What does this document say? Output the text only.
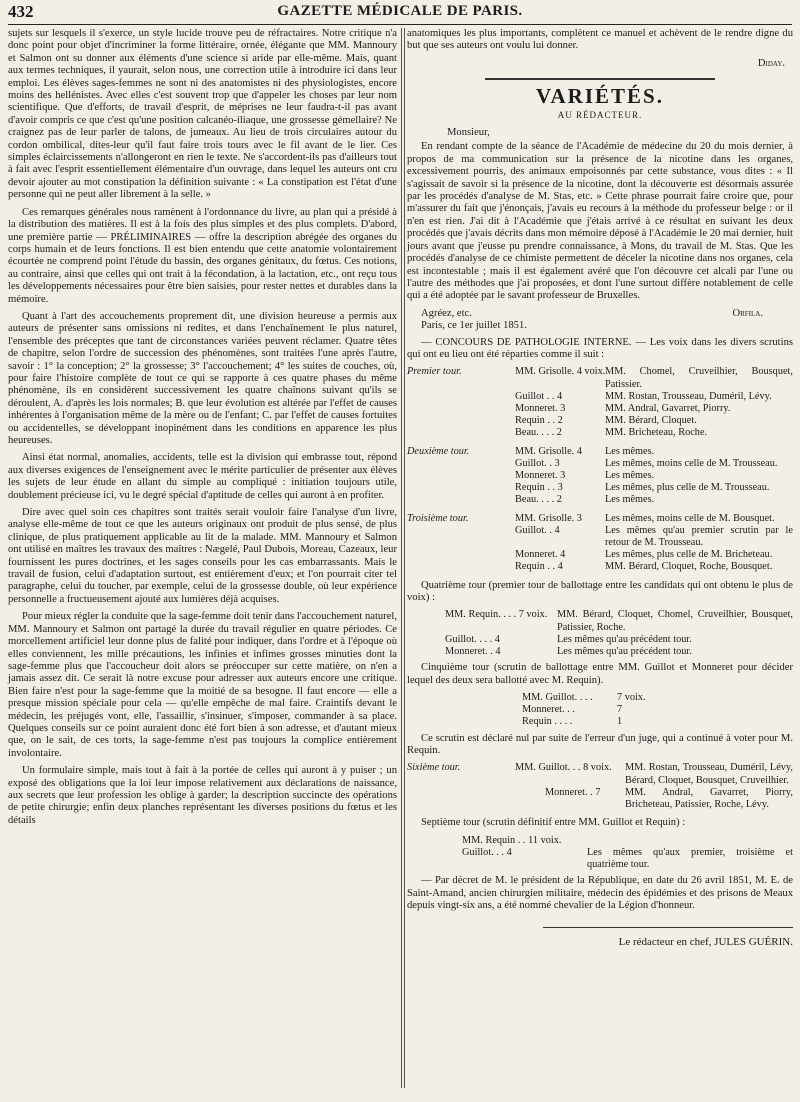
432	GAZETTE MÉDICALE DE PARIS.

sujets sur lesquels il s'exerce, un style lucide trouve peu de réfractaires. Notre critique n'a donc point pour objet d'incriminer la forme littéraire, ornée, élégante que MM. Mannoury et Salmon ont su donner aux éléments d'une science si aride par elle-même. Mais, quant aux termes techniques, il yaurait, selon nous, une correction utile à introduire ici dans leur emploi. Les élèves sages-femmes ne sont ni des anatomistes ni des physiologistes, encore moins des hellénistes. Avec elles c'est souvent trop que d'appeler les choses par leur nom scientifique. Que d'efforts, de travail d'esprit, de méprises ne leur faudra-t-il pas avant d'avoir compris ce que c'est qu'une position calcanéo-iliaque, une grossesse gémellaire? Ne craignez pas de leur parler de talons, de jumeaux. Au lieu de trois circulaires autour du cordon ombilical, dites-leur qu'il faut faire trois tours avec le fil avant de le lier. Ces simples éclaircissements n'allongeront en rien le texte. Ne s'accordent-ils pas d'ailleurs tout à fait avec l'esprit essentiellement élémentaire d'un ouvrage, dans lequel les auteurs ont cru devoir ajouter au mot constipation la définition suivante : « La constipation est l'état d'une personne qui ne peut aller librement à la selle. »

Ces remarques générales nous ramènent à l'ordonnance du livre, au plan qui a présidé à la distribution des matières. Il est à la fois des plus simples et des plus complets. D'abord, une première partie — PRÉLIMINAIRES — offre la description abrégée des organes du corps humain et de leurs fonctions. Il est bien entendu que cette anatomie volontairement écourtée ne comprend point l'étude du bassin, des organes génitaux, du fœtus. Ces notions, au contraire, ainsi que celles qui ont trait à la fécondation, à la lactation, etc., ont reçu tous les développements nécessaires pour être bien saisies, pour rester nettes et durables dans la mémoire.

Quant à l'art des accouchements proprement dit, une division heureuse a permis aux auteurs de présenter sans omissions ni redites, et dans l'enchaînement le plus naturel, l'ensemble des préceptes que tant de circonstances variées peuvent réclamer. Quatre têtes de chapitre, selon l'ordre de succession des phénomènes, sont traitées l'une après l'autre, savoir : 1° la conception; 2° la grossesse; 3° l'accouchement; 4° les suites de couches, où, pour faire l'histoire complète de tout ce qui se rapporte à ces quatre phases du même phénomène, ils en considèrent successivement les quatre chaînons suivant qu'ils se déroulent, A. d'après les lois normales; B. que leur évolution est altérée par l'effet de causes inhérentes à l'organisation même de la mère ou de l'enfant; C. par l'effet de causes fortuites ou accidentelles, se développant inopinément dans les conditions en apparence les plus heureuses.

Ainsi état normal, anomalies, accidents, telle est la division qui embrasse tout, répond aux diverses exigences de l'enseignement avec le mérite particulier de présenter aux élèves les sujets de leur étude en allant du simple au compliqué : initiation toujours utile, doublement précieuse ici, vu le degré spécial d'aptitude de celles qui auront à en profiter.

Dire avec quel soin ces chapitres sont traités serait vouloir faire l'analyse d'un livre, analyse elle-même de tout ce que les auteurs originaux ont produit de plus sensé, de plus clinique, de plus pratiquement applicable au lit de la malade. MM. Mannoury et Salmon ont utilisé en maîtres les travaux des maîtres : Nægelé, Paul Dubois, Moreau, Cazeaux, leur fournissent les pures doctrines, et les sages conseils pour les cas embarrassants. Mais le travail de fusion, celui d'adaptation surtout, est entièrement d'eux; et l'on pourrait citer tel paragraphe, celui du toucher, par exemple, celui de la grossesse double, où leur expérience personnelle a fructueusement ajouté aux lumières déjà acquises.

Pour mieux régler la conduite que la sage-femme doit tenir dans l'accouchement naturel, MM. Mannoury et Salmon ont partagé la durée du travail régulier en quatre périodes. Ce morcellement artificiel leur donne plus de falité pour indiquer, dans l'ordre et à l'époque où elles conviennent, les mille précautions, les infinies et infimes grosses minuties dont la sage-femme plus que l'accoucheur doit alors se préoccuper sur cette matière, on n'en a jamais assez dit. Ce serait là notre excuse pour adresser aux auteurs encore une critique. Bien faire n'est pour la sage-femme que la moitié de sa besogne. Il faut encore — elle a presque mission spéciale pour cela — qu'elle empêche de mal faire. Craintifs devant le médecin, les préjugés vont, elle, l'assaillir, s'insinuer, s'imposer, commander à sa place. Quelques conseils sur ce point auraient donc été fort bien à son adresse, et d'autant mieux que, on le sait, de ces torts, la sage-femme n'est pas toujours la complice entièrement involontaire.

Un formulaire simple, mais tout à fait à la portée de celles qui auront à y puiser ; un exposé des obligations que la loi leur impose relativement aux déclarations de naissance, aux secrets que leur profession les oblige à garder; la description succincte des opérations de petite chirurgie; enfin deux planches représentant les diverses positions du fœtus et les détails

anatomiques les plus importants, complètent ce manuel et achèvent de le rendre digne du but que ses auteurs ont voulu lui donner.

Diday.
VARIÉTÉS.
AU RÉDACTEUR.
Monsieur,

En rendant compte de la séance de l'Académie de médecine du 20 du mois dernier, à propos de ma communication sur la présence de la nicotine dans les organes, excessivement pourris, des animaux empoisonnés par cette substance, vous dites : « Il s'agissait de savoir si la présence de la nicotine, dont la découverte est désormais assurée par les procédés d'analyse de M. Stas, etc. » Cette phrase pourrait faire croire que, pour m'assurer du fait que j'énonçais, j'avais eu recours à la méthode du professeur belge : or il n'en est rien. J'ai dit à l'Académie que j'étais arrivé à ce résultat en suivant les deux procédés que j'avais décrits dans mon mémoire déposé à l'Académie le 20 mai dernier, huit jours avant que j'eusse pu prendre connaissance, à Mons, du travail de M. Stas. Que les procédés d'analyse de ce chimiste permettent de déceler la nicotine dans nos organes, cela est incontestable ; mais il est également avéré que l'on découvre cet alcali par l'une ou l'autre des méthodes que j'ai proposées, et dont l'une surtout diffère notablement de celle qui a été adoptée par le savant professeur de Bruxelles.

Agréez, etc.	Orfila.
Paris, ce 1er juillet 1851.

— CONCOURS DE PATHOLOGIE INTERNE. — Les voix dans les divers scrutins qui ont eu lieu ont été réparties comme il suit :

Premier tour.	MM. Grisolle. 4 voix. MM. Chomel, Cruveilhier, Bousquet, Patissier.
Guillot . . 4	MM. Rostan, Trousseau, Duméril, Lévy.
Monneret. 3	MM. Andral, Gavarret, Piorry.
Requin . . 2	MM. Bérard, Cloquet.
Beau. . . . 2	MM. Bricheteau, Roche.
Deuxième tour.	MM. Grisolle. 4	Les mêmes.
Guillot. . 3	Les mêmes, moins celle de M. Trousseau.
Monneret. 3	Les mêmes.
Requin . . 3	Les mêmes, plus celle de M. Trousseau.
Beau. . . . 2	Les mêmes.
Troisième tour.	MM. Grisolle. 3	Les mêmes, moins celle de M. Bousquet.
Guillot. . 4	Les mêmes qu'au premier scrutin par le retour de M. Trousseau.
Monneret. 4	Les mêmes, plus celle de M. Bricheteau.
Requin . . 4	MM. Bérard, Cloquet, Roche, Bousquet.

Quatrième tour (premier tour de ballottage entre les candidats qui ont obtenu le plus de voix) :

MM. Requin. . . . 7 voix. MM. Bérard, Cloquet, Chomel, Cruveilhier, Bousquet, Patissier, Roche.
Guillot. . . . 4	Les mêmes qu'au précédent tour.
Monneret. . 4	Les mêmes qu'au précédent tour.

Cinquième tour (scrutin de ballottage entre MM. Guillot et Monneret pour décider lequel des deux sera ballotté avec M. Requin).

MM. Guillot. . . .	7 voix.
Monneret. . .	7
Requin . . . .	1

Ce scrutin est déclaré nul par suite de l'erreur d'un juge, qui a continué à voter pour M. Requin.

Sixième tour.	MM. Guillot. . . 8 voix.	MM. Rostan, Trousseau, Duméril, Lévy, Bérard, Cloquet, Bousquet, Cruveilhier.
Monneret. . 7	MM. Andral, Gavarret, Piorry, Bricheteau, Patissier, Roche, Lévy.

Septième tour (scrutin définitif entre MM. Guillot et Requin) :

MM. Requin . . 11 voix.
Guillot. . . 4	Les mêmes qu'aux premier, troisième et quatrième tour.

— Par décret de M. le président de la République, en date du 26 avril 1851, M. E. de Saint-Amand, ancien chirurgien militaire, médecin des épidémies et des prisons de Meaux depuis vingt-six ans, a été nommé chevalier de la Légion d'honneur.

Le rédacteur en chef, JULES GUÉRIN.
